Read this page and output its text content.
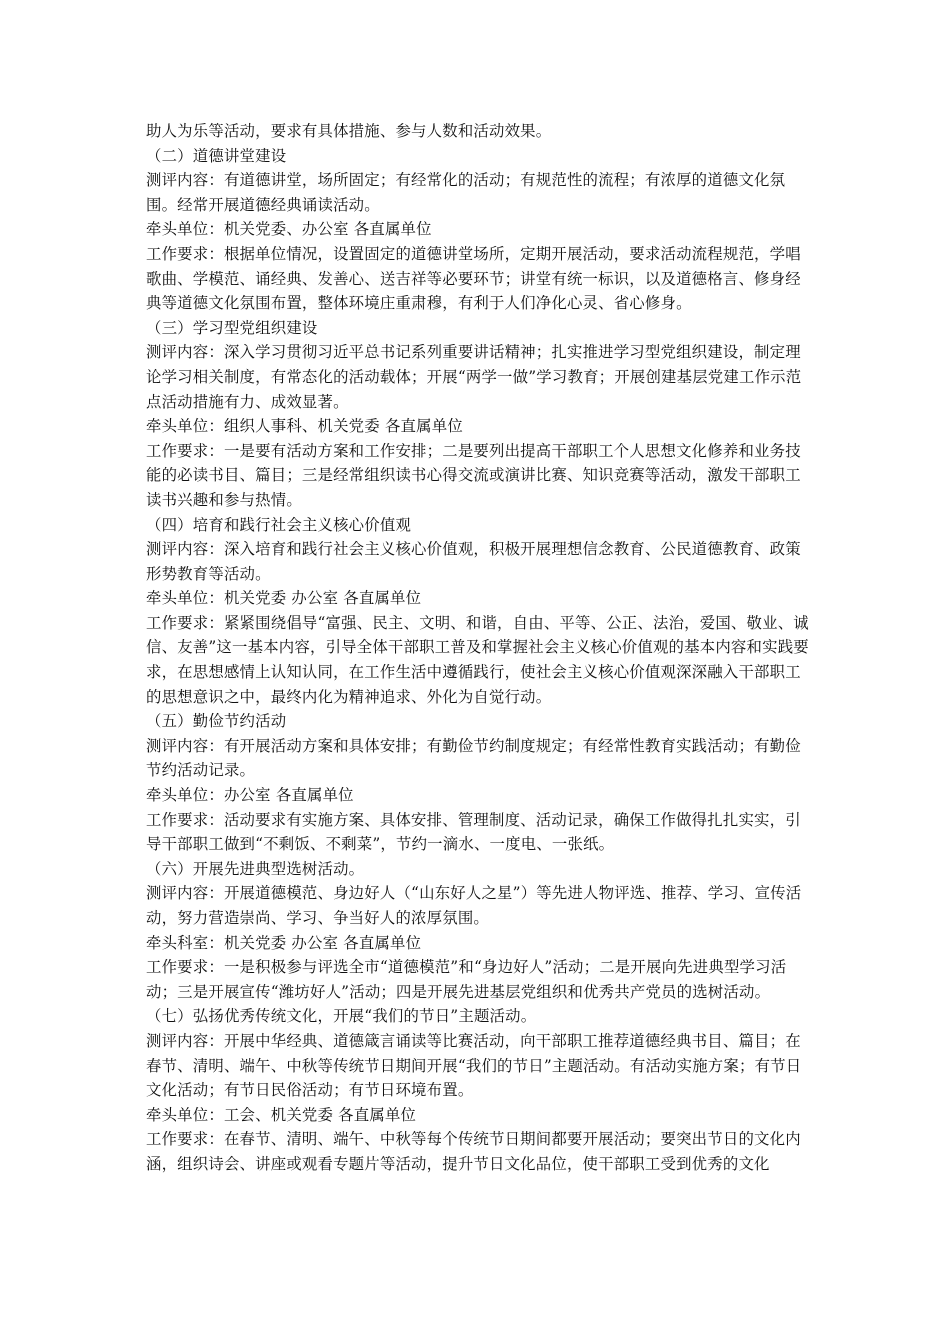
助人为乐等活动，要求有具体措施、参与人数和活动效果。

（二）道德讲堂建设

测评内容：有道德讲堂，场所固定；有经常化的活动；有规范性的流程；有浓厚的道德文化氛围。经常开展道德经典诵读活动。

牵头单位：机关党委、办公室 各直属单位

工作要求：根据单位情况，设置固定的道德讲堂场所，定期开展活动，要求活动流程规范，学唱歌曲、学模范、诵经典、发善心、送吉祥等必要环节；讲堂有统一标识，以及道德格言、修身经典等道德文化氛围布置，整体环境庄重肃穆，有利于人们净化心灵、省心修身。

（三）学习型党组织建设

测评内容：深入学习贯彻习近平总书记系列重要讲话精神；扎实推进学习型党组织建设，制定理论学习相关制度，有常态化的活动载体；开展“两学一做”学习教育；开展创建基层党建工作示范点活动措施有力、成效显著。

牵头单位：组织人事科、机关党委 各直属单位

工作要求：一是要有活动方案和工作安排；二是要列出提高干部职工个人思想文化修养和业务技能的必读书目、篇目；三是经常组织读书心得交流或演讲比赛、知识竞赛等活动，激发干部职工读书兴趣和参与热情。

（四）培育和践行社会主义核心价值观

测评内容：深入培育和践行社会主义核心价值观，积极开展理想信念教育、公民道德教育、政策形势教育等活动。

牵头单位：机关党委 办公室 各直属单位

工作要求：紧紧围绕倡导“富强、民主、文明、和谐，自由、平等、公正、法治，爱国、敬业、诚信、友善”这一基本内容，引导全体干部职工普及和掌握社会主义核心价值观的基本内容和实践要求，在思想感情上认知认同，在工作生活中遵循践行，使社会主义核心价值观深深融入干部职工的思想意识之中，最终内化为精神追求、外化为自觉行动。

（五）勤俭节约活动

测评内容：有开展活动方案和具体安排；有勤俭节约制度规定；有经常性教育实践活动；有勤俭节约活动记录。

牵头单位：办公室 各直属单位

工作要求：活动要求有实施方案、具体安排、管理制度、活动记录，确保工作做得扎扎实实，引导干部职工做到“不剩饭、不剩菜”，节约一滴水、一度电、一张纸。

（六）开展先进典型选树活动。

测评内容：开展道德模范、身边好人（“山东好人之星”）等先进人物评选、推荐、学习、宣传活动，努力营造崇尚、学习、争当好人的浓厚氛围。

牵头科室：机关党委 办公室 各直属单位

工作要求：一是积极参与评选全市“道德模范”和“身边好人”活动；二是开展向先进典型学习活动；三是开展宣传“潍坊好人”活动；四是开展先进基层党组织和优秀共产党员的选树活动。

（七）弘扬优秀传统文化，开展“我们的节日”主题活动。

测评内容：开展中华经典、道德箴言诵读等比赛活动，向干部职工推荐道德经典书目、篇目；在春节、清明、端午、中秋等传统节日期间开展“我们的节日”主题活动。有活动实施方案；有节日文化活动；有节日民俗活动；有节日环境布置。

牵头单位：工会、机关党委 各直属单位

工作要求：在春节、清明、端午、中秋等每个传统节日期间都要开展活动；要突出节日的文化内涵，组织诗会、讲座或观看专题片等活动，提升节日文化品位，使干部职工受到优秀的文化
